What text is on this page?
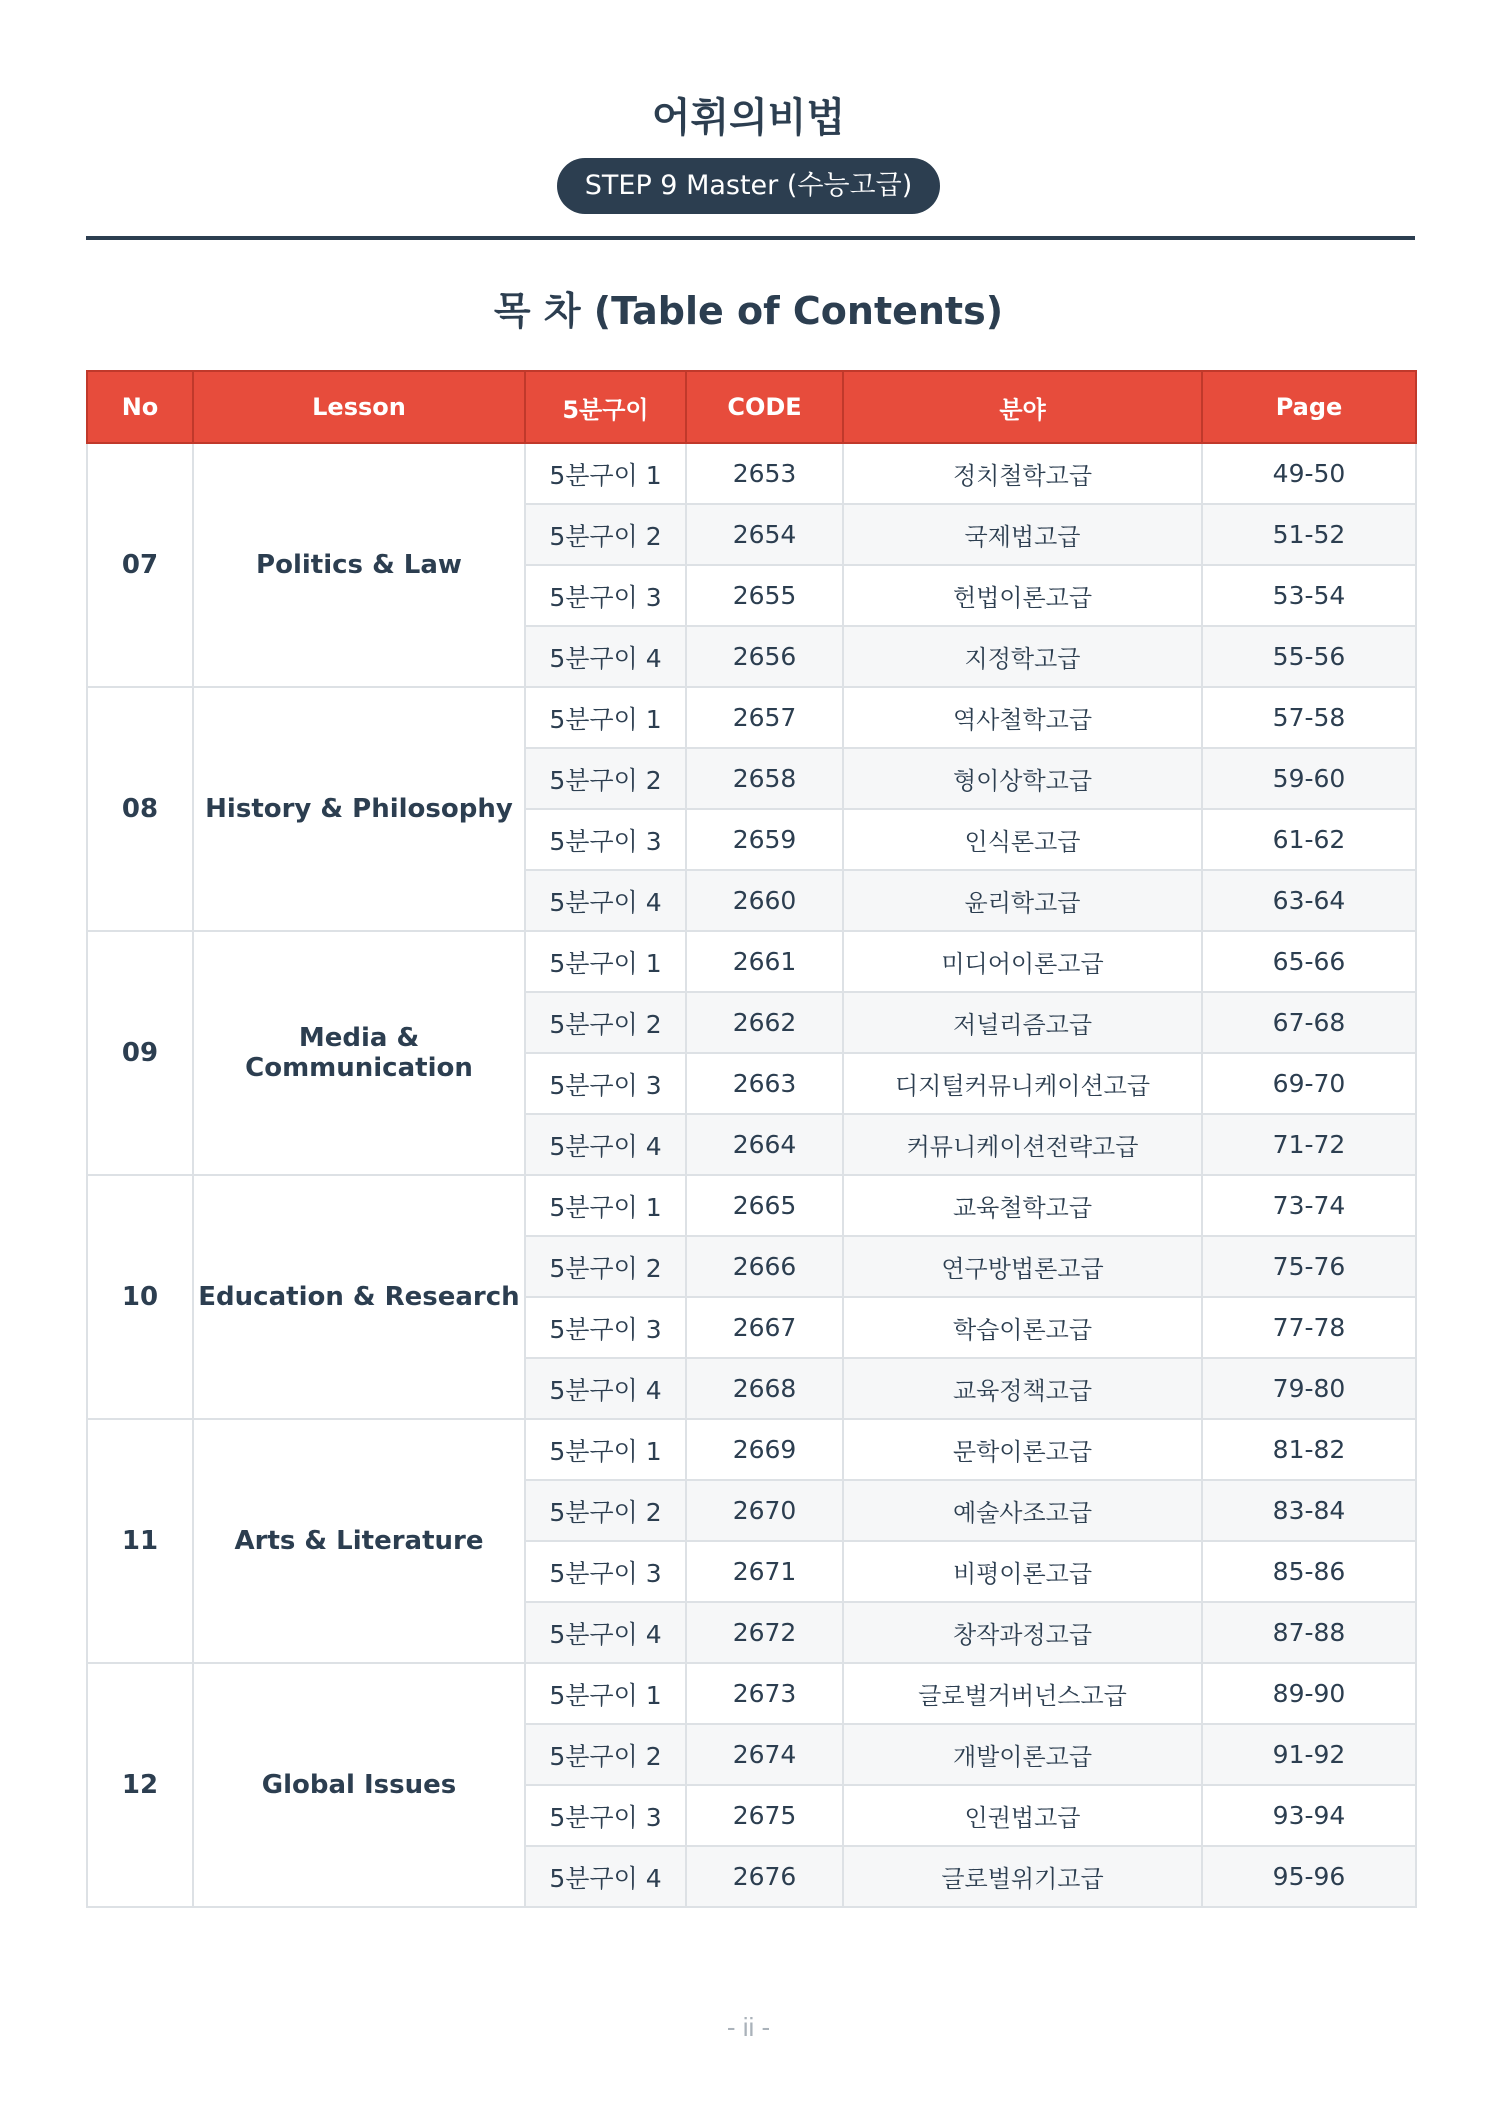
어휘의비법
STEP 9 Master (수능고급)
목 차 (Table of Contents)
No	Lesson	5분구이	CODE	분야	Page
07	Politics & Law	5분구이 1	2653	정치철학고급	49-50
		5분구이 2	2654	국제법고급	51-52
		5분구이 3	2655	헌법이론고급	53-54
		5분구이 4	2656	지정학고급	55-56
08	History & Philosophy	5분구이 1	2657	역사철학고급	57-58
		5분구이 2	2658	형이상학고급	59-60
		5분구이 3	2659	인식론고급	61-62
		5분구이 4	2660	윤리학고급	63-64
09	Media & Communication	5분구이 1	2661	미디어이론고급	65-66
		5분구이 2	2662	저널리즘고급	67-68
		5분구이 3	2663	디지털커뮤니케이션고급	69-70
		5분구이 4	2664	커뮤니케이션전략고급	71-72
10	Education & Research	5분구이 1	2665	교육철학고급	73-74
		5분구이 2	2666	연구방법론고급	75-76
		5분구이 3	2667	학습이론고급	77-78
		5분구이 4	2668	교육정책고급	79-80
11	Arts & Literature	5분구이 1	2669	문학이론고급	81-82
		5분구이 2	2670	예술사조고급	83-84
		5분구이 3	2671	비평이론고급	85-86
		5분구이 4	2672	창작과정고급	87-88
12	Global Issues	5분구이 1	2673	글로벌거버넌스고급	89-90
		5분구이 2	2674	개발이론고급	91-92
		5분구이 3	2675	인권법고급	93-94
		5분구이 4	2676	글로벌위기고급	95-96
- ii -
